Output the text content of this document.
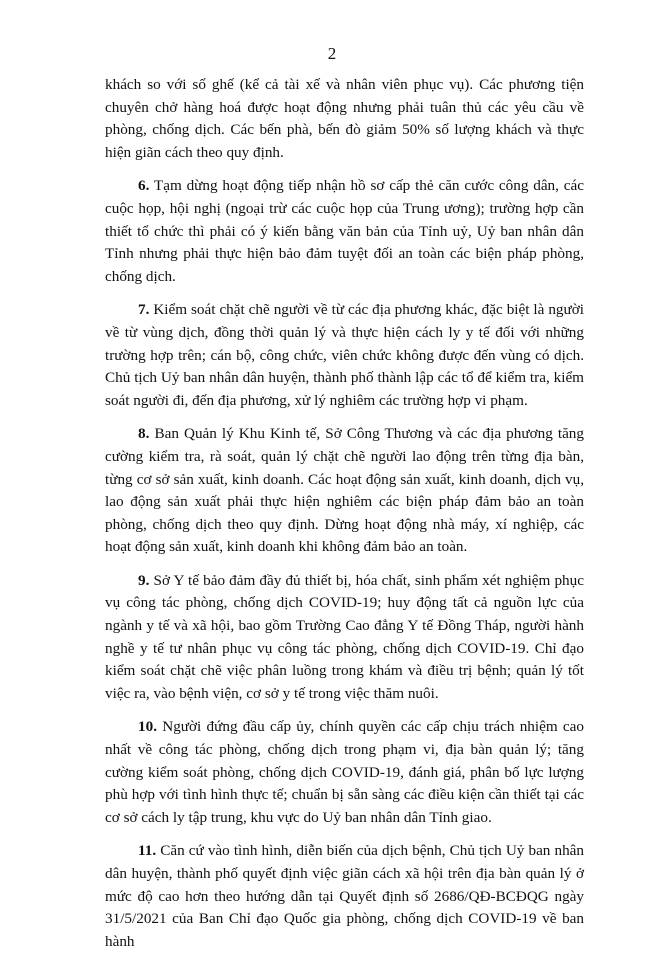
2

khách so với số ghế (kể cả tài xế và nhân viên phục vụ). Các phương tiện chuyên chở hàng hoá được hoạt động nhưng phải tuân thủ các yêu cầu về phòng, chống dịch. Các bến phà, bến đò giảm 50% số lượng khách và thực hiện giãn cách theo quy định.

6. Tạm dừng hoạt động tiếp nhận hồ sơ cấp thẻ căn cước công dân, các cuộc họp, hội nghị (ngoại trừ các cuộc họp của Trung ương); trường hợp cần thiết tổ chức thì phải có ý kiến bằng văn bản của Tỉnh uỷ, Uỷ ban nhân dân Tỉnh nhưng phải thực hiện bảo đảm tuyệt đối an toàn các biện pháp phòng, chống dịch.

7. Kiểm soát chặt chẽ người về từ các địa phương khác, đặc biệt là người về từ vùng dịch, đồng thời quản lý và thực hiện cách ly y tế đối với những trường hợp trên; cán bộ, công chức, viên chức không được đến vùng có dịch. Chủ tịch Uỷ ban nhân dân huyện, thành phố thành lập các tổ để kiểm tra, kiểm soát người đi, đến địa phương, xử lý nghiêm các trường hợp vi phạm.

8. Ban Quản lý Khu Kinh tế, Sở Công Thương và các địa phương tăng cường kiểm tra, rà soát, quản lý chặt chẽ người lao động trên từng địa bàn, từng cơ sở sản xuất, kinh doanh. Các hoạt động sản xuất, kinh doanh, dịch vụ, lao động sản xuất phải thực hiện nghiêm các biện pháp đảm bảo an toàn phòng, chống dịch theo quy định. Dừng hoạt động nhà máy, xí nghiệp, các hoạt động sản xuất, kinh doanh khi không đảm bảo an toàn.

9. Sở Y tế bảo đảm đầy đủ thiết bị, hóa chất, sinh phẩm xét nghiệm phục vụ công tác phòng, chống dịch COVID-19; huy động tất cả nguồn lực của ngành y tế và xã hội, bao gồm Trường Cao đẳng Y tế Đồng Tháp, người hành nghề y tế tư nhân phục vụ công tác phòng, chống dịch COVID-19. Chỉ đạo kiểm soát chặt chẽ việc phân luồng trong khám và điều trị bệnh; quản lý tốt việc ra, vào bệnh viện, cơ sở y tế trong việc thăm nuôi.

10. Người đứng đầu cấp ủy, chính quyền các cấp chịu trách nhiệm cao nhất về công tác phòng, chống dịch trong phạm vi, địa bàn quản lý; tăng cường kiểm soát phòng, chống dịch COVID-19, đánh giá, phân bố lực lượng phù hợp với tình hình thực tế; chuẩn bị sẵn sàng các điều kiện cần thiết tại các cơ sở cách ly tập trung, khu vực do Uỷ ban nhân dân Tỉnh giao.

11. Căn cứ vào tình hình, diễn biến của dịch bệnh, Chủ tịch Uỷ ban nhân dân huyện, thành phố quyết định việc giãn cách xã hội trên địa bàn quản lý ở mức độ cao hơn theo hướng dẫn tại Quyết định số 2686/QĐ-BCĐQG ngày 31/5/2021 của Ban Chỉ đạo Quốc gia phòng, chống dịch COVID-19 về ban hành
